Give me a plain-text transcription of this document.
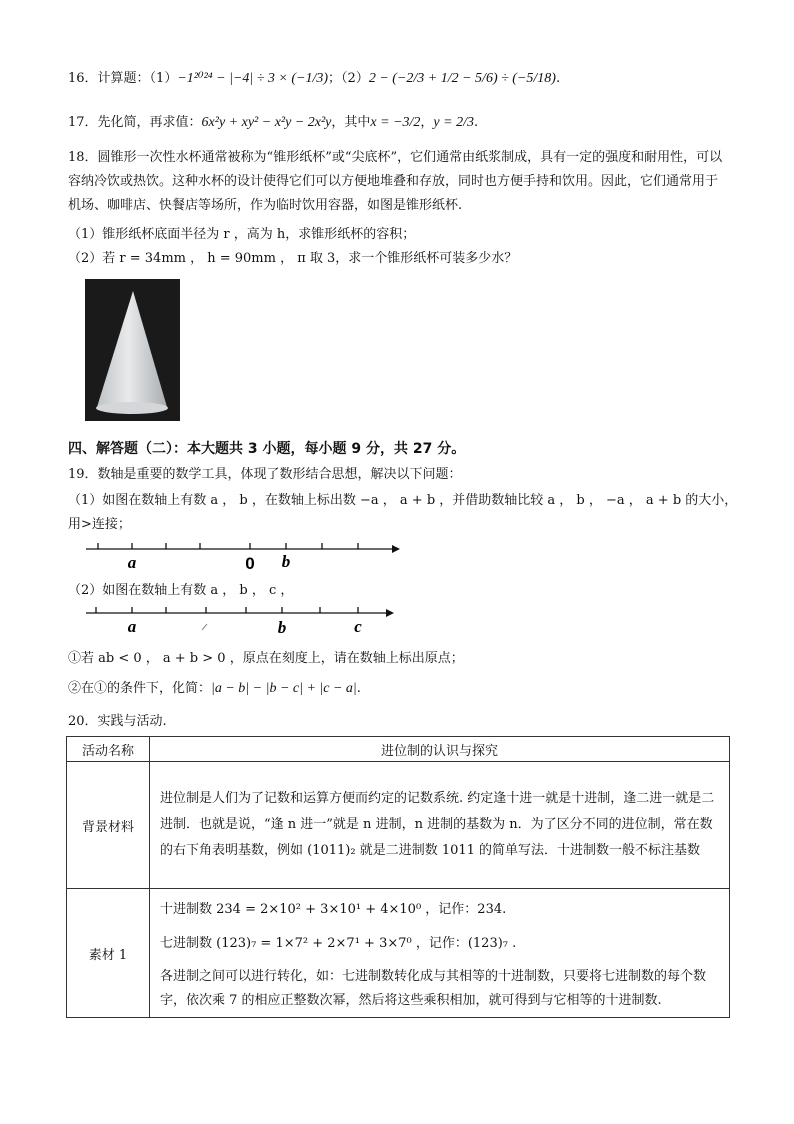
16．计算题：（1）−1²⁰²⁴ − |−4| ÷ 3 × (−1/3)；（2）2 − (−2/3 + 1/2 − 5/6) ÷ (−5/18).
17．先化简，再求值：6x²y + xy² − x²y − 2x²y，其中x = −3/2，y = 2/3.
18．圆锥形一次性水杯通常被称为“锥形纸杯”或“尖底杯”，它们通常由纸浆制成，具有一定的强度和耐用性，可以容纳冷饮或热饮。这种水杯的设计使得它们可以方便地堆叠和存放，同时也方便手持和饮用。因此，它们通常用于机场、咖啡店、快餐店等场所，作为临时饮用容器，如图是锥形纸杯.
（1）锥形纸杯底面半径为 r ，高为 h，求锥形纸杯的容积；
（2）若 r = 34mm ， h = 90mm ， π 取 3，求一个锥形纸杯可装多少水？
四、解答题（二）：本大题共 3 小题，每小题 9 分，共 27 分。
19．数轴是重要的数学工具，体现了数形结合思想，解决以下问题：
（1）如图在数轴上有数 a ， b ，在数轴上标出数 −a ， a + b ，并借助数轴比较 a ， b ， −a ， a + b 的大小，
用>连接；
a	0 b
（2）如图在数轴上有数 a ， b ， c ，
a	b	c
①若 ab < 0 ， a + b > 0 ，原点在刻度上，请在数轴上标出原点；
②在①的条件下，化简：|a − b| − |b − c| + |c − a|.
20．实践与活动.
活动名称	进位制的认识与探究
背景材料	进位制是人们为了记数和运算方便而约定的记数系统. 约定逢十进一就是十进制，逢二进一就是二进制．也就是说，“逢 n 进一”就是 n 进制，n 进制的基数为 n．为了区分不同的进位制，常在数的右下角表明基数，例如 (1011)₂ 就是二进制数 1011 的简单写法．十进制数一般不标注基数
素材 1	十进制数 234 = 2×10² + 3×10¹ + 4×10⁰ ，记作：234.
七进制数 (123)₇ = 1×7² + 2×7¹ + 3×7⁰ ，记作：(123)₇ .
各进制之间可以进行转化，如：七进制数转化成与其相等的十进制数，只要将七进制数的每个数字，依次乘 7 的相应正整数次幂，然后将这些乘积相加，就可得到与它相等的十进制数.
